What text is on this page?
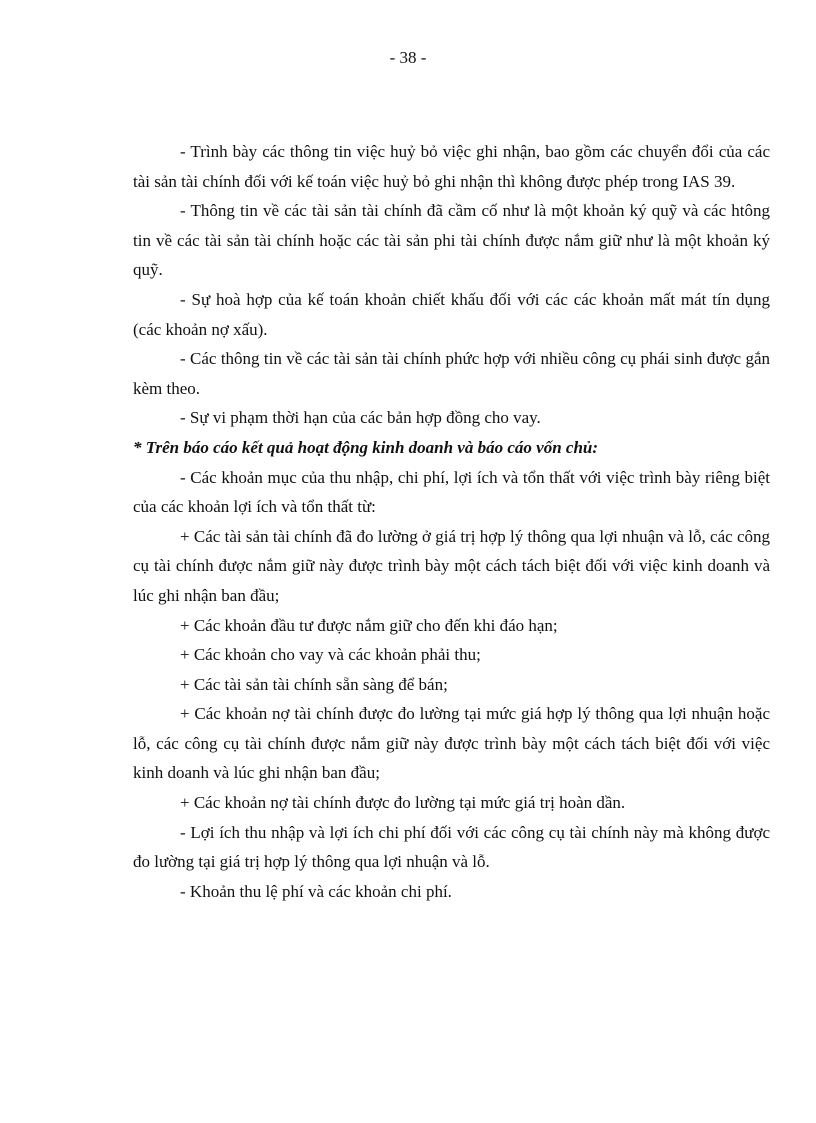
- 38 -

- Trình bày các thông tin việc huỷ bỏ việc ghi nhận, bao gồm các chuyển đổi của các tài sản tài chính đối với kế toán việc huỷ bỏ ghi nhận thì không được phép trong IAS 39.

- Thông tin về các tài sản tài chính đã cầm cố như là một khoản ký quỹ và các htông tin về các tài sản tài chính hoặc các tài sản phi tài chính được nắm giữ như là một khoản ký quỹ.

- Sự hoà hợp của kế toán khoản chiết khấu đối với các các khoản mất mát tín dụng (các khoản nợ xấu).

- Các thông tin về các tài sản tài chính phức hợp với nhiều công cụ phái sinh được gắn kèm theo.

- Sự vi phạm thời hạn của các bản hợp đồng cho vay.

* Trên báo cáo kết quả hoạt động kinh doanh và báo cáo vốn chủ:

- Các khoản mục của thu nhập, chi phí, lợi ích và tổn thất với việc trình bày riêng biệt của các khoản lợi ích và tổn thất từ:

+ Các tài sản tài chính đã đo lường ở giá trị hợp lý thông qua lợi nhuận và lỗ, các công cụ tài chính được nắm giữ này được trình bày một cách tách biệt đối với việc kinh doanh và lúc ghi nhận ban đầu;

+ Các khoản đầu tư được nắm giữ cho đến khi đáo hạn;

+ Các khoản cho vay và các khoản phải thu;

+ Các tài sản tài chính sẵn sàng để bán;

+ Các khoản nợ tài chính được đo lường tại mức giá hợp lý thông qua lợi nhuận hoặc lỗ, các công cụ tài chính được nắm giữ này được trình bày một cách tách biệt đối với việc kinh doanh và lúc ghi nhận ban đầu;

+ Các khoản nợ tài chính được đo lường tại mức giá trị hoàn dần.

- Lợi ích thu nhập và lợi ích chi phí đối với các công cụ tài chính này mà không được đo lường tại giá trị hợp lý thông qua lợi nhuận và lỗ.

- Khoản thu lệ phí và các khoản chi phí.
